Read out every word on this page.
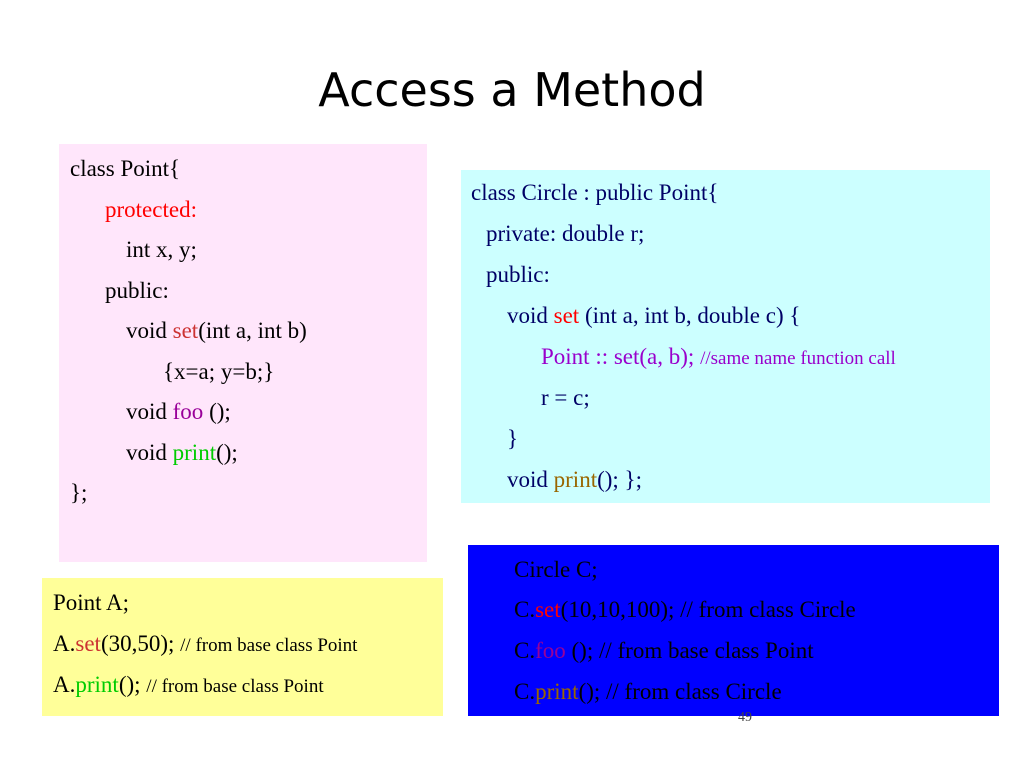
Access a Method
class Point{
protected:
int x, y;
public:
void set(int a, int b)
{x=a; y=b;}
void foo ();
void print();
};
class Circle : public Point{
private: double r;
public:
void set (int a, int b, double c) {
Point :: set(a, b); //same name function call
r = c;
}
void print(); };
Point A;
A.set(30,50); // from base class Point
A.print(); // from base class Point
Circle C;
C.set(10,10,100); // from class Circle
C.foo (); // from base class Point
C.print(); // from class Circle
49
